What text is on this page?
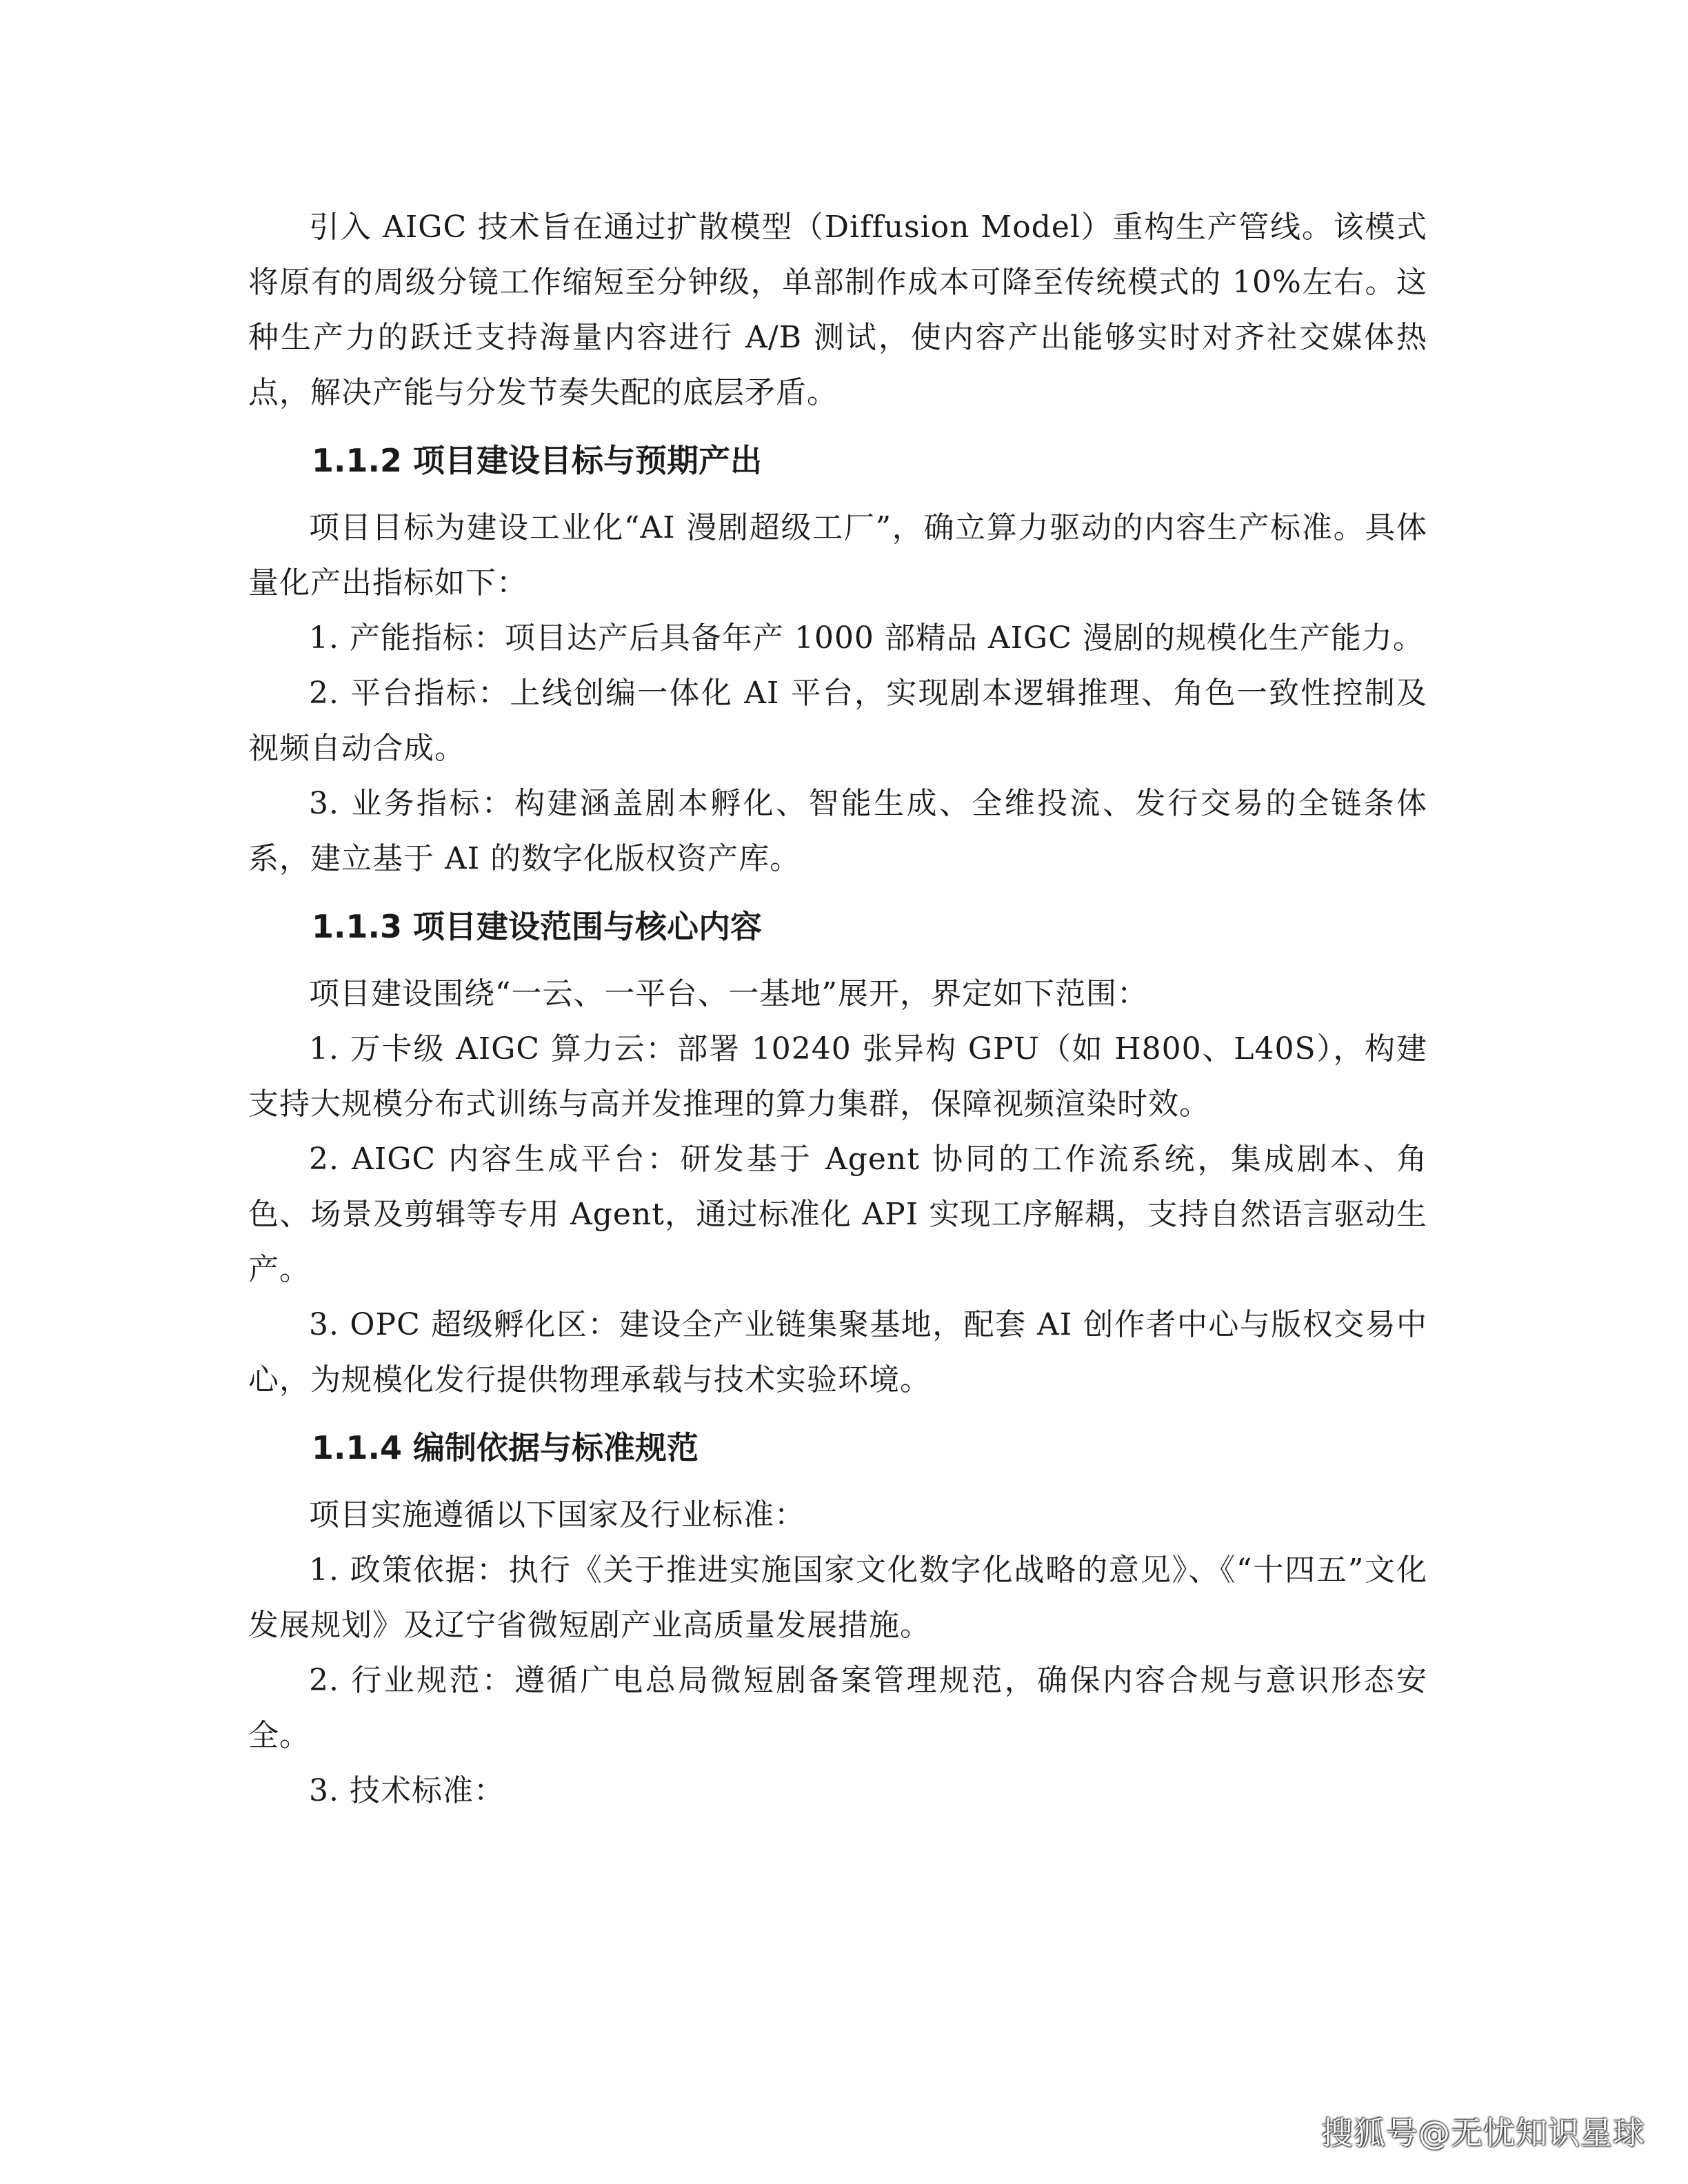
引入 AIGC 技术旨在通过扩散模型（Diffusion Model）重构生产管线。该模式将原有的周级分镜工作缩短至分钟级，单部制作成本可降至传统模式的 10%左右。这种生产力的跃迁支持海量内容进行 A/B 测试，使内容产出能够实时对齐社交媒体热点，解决产能与分发节奏失配的底层矛盾。

1.1.2 项目建设目标与预期产出

项目目标为建设工业化“AI 漫剧超级工厂”，确立算力驱动的内容生产标准。具体量化产出指标如下：

1. 产能指标：项目达产后具备年产 1000 部精品 AIGC 漫剧的规模化生产能力。

2. 平台指标：上线创编一体化 AI 平台，实现剧本逻辑推理、角色一致性控制及视频自动合成。

3. 业务指标：构建涵盖剧本孵化、智能生成、全维投流、发行交易的全链条体系，建立基于 AI 的数字化版权资产库。

1.1.3 项目建设范围与核心内容

项目建设围绕“一云、一平台、一基地”展开，界定如下范围：

1. 万卡级 AIGC 算力云：部署 10240 张异构 GPU（如 H800、L40S），构建支持大规模分布式训练与高并发推理的算力集群，保障视频渲染时效。

2. AIGC 内容生成平台：研发基于 Agent 协同的工作流系统，集成剧本、角色、场景及剪辑等专用 Agent，通过标准化 API 实现工序解耦，支持自然语言驱动生产。

3. OPC 超级孵化区：建设全产业链集聚基地，配套 AI 创作者中心与版权交易中心，为规模化发行提供物理承载与技术实验环境。

1.1.4 编制依据与标准规范

项目实施遵循以下国家及行业标准：

1. 政策依据：执行《关于推进实施国家文化数字化战略的意见》、《“十四五”文化发展规划》及辽宁省微短剧产业高质量发展措施。

2. 行业规范：遵循广电总局微短剧备案管理规范，确保内容合规与意识形态安全。

3. 技术标准：

搜狐号@无忧知识星球
